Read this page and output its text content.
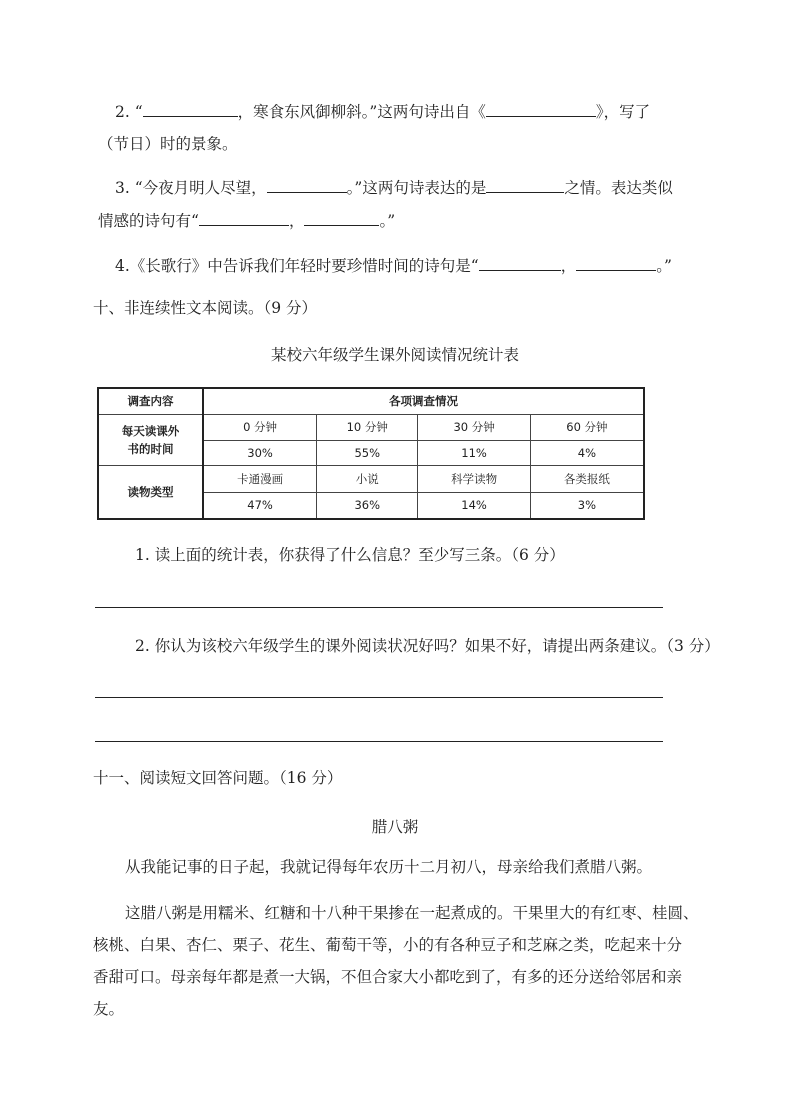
2. “	，寒食东风御柳斜。”这两句诗出自《	》，写了
（节日）时的景象。
3. “今夜月明人尽望，	。”这两句诗表达的是	之情。表达类似
情感的诗句有“	，	。”
4.《长歌行》中告诉我们年轻时要珍惜时间的诗句是“	，	。”
十、非连续性文本阅读。（9 分）
某校六年级学生课外阅读情况统计表
调查内容	各项调查情况			
每天读课外
书的时间	0 分钟	10 分钟	30 分钟	60 分钟
	30%	55%	11%	4%
读物类型	卡通漫画	小说	科学读物	各类报纸
	47%	36%	14%	3%
1. 读上面的统计表，你获得了什么信息？至少写三条。（6 分）
2. 你认为该校六年级学生的课外阅读状况好吗？如果不好，请提出两条建议。（3 分）
十一、阅读短文回答问题。（16 分）
腊八粥
从我能记事的日子起，我就记得每年农历十二月初八，母亲给我们煮腊八粥。
这腊八粥是用糯米、红糖和十八种干果掺在一起煮成的。干果里大的有红枣、桂圆、
核桃、白果、杏仁、栗子、花生、葡萄干等，小的有各种豆子和芝麻之类，吃起来十分
香甜可口。母亲每年都是煮一大锅，不但合家大小都吃到了，有多的还分送给邻居和亲
友。
